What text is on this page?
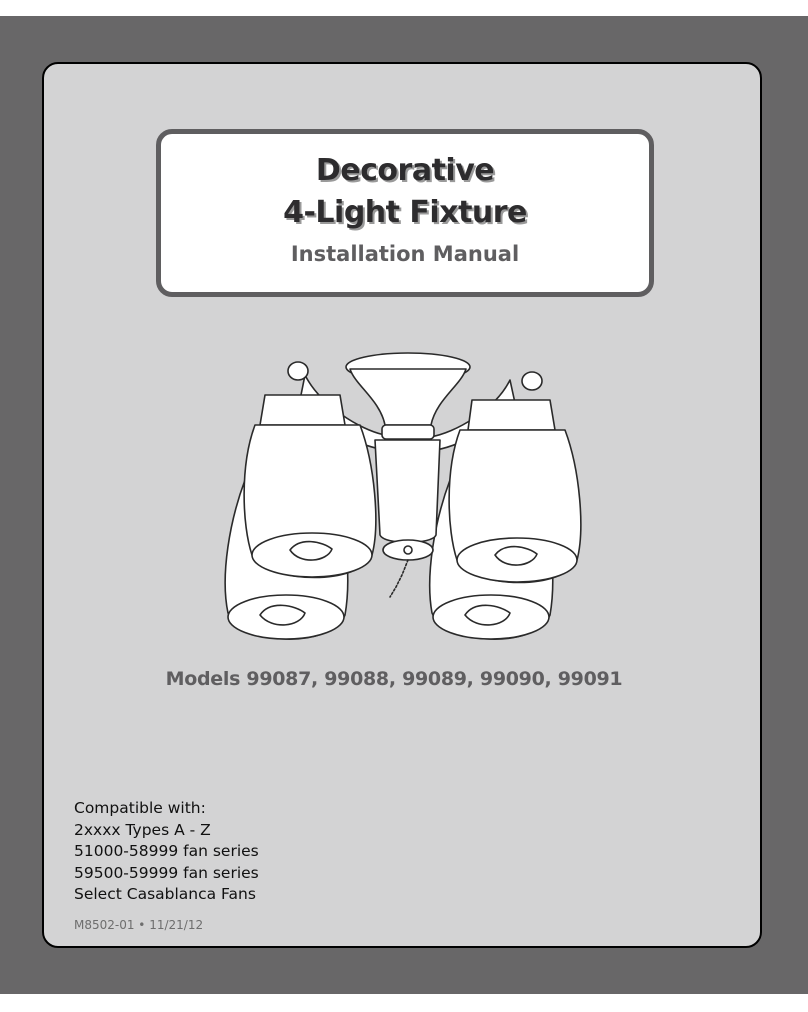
Decorative
4-Light Fixture
Installation Manual
Models 99087, 99088, 99089, 99090, 99091
Compatible with:
2xxxx Types A - Z
51000-58999 fan series
59500-59999 fan series
Select Casablanca Fans
M8502-01 • 11/21/12
